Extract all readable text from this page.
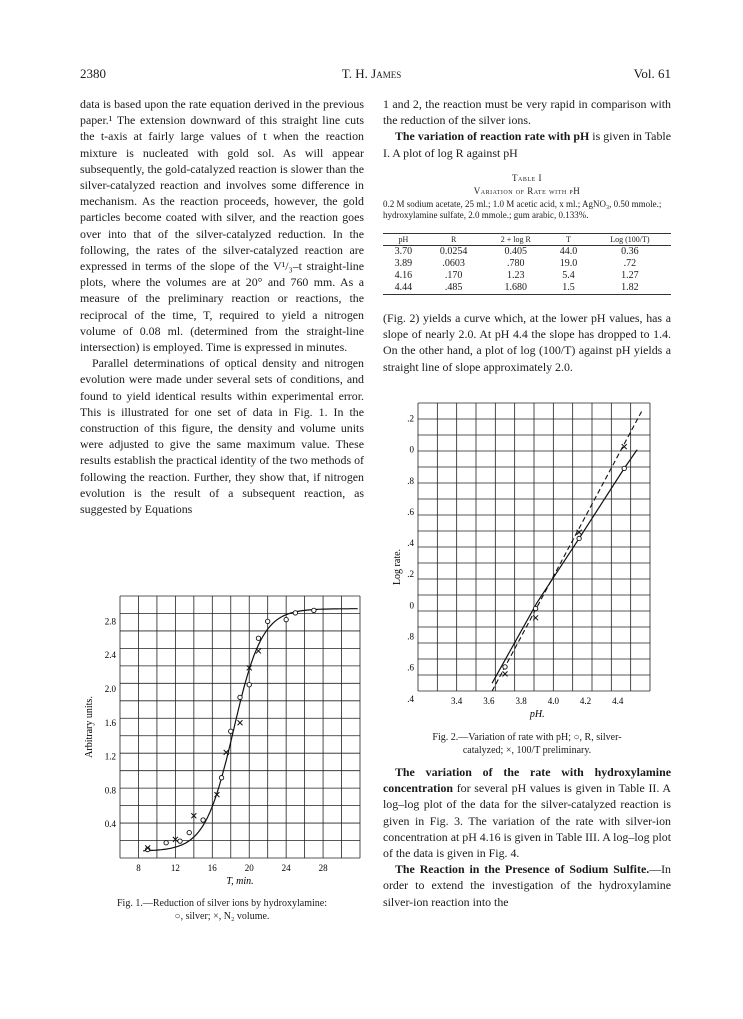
2380	T. H. James	Vol. 61

data is based upon the rate equation derived in the previous paper.¹ The extension downward of this straight line cuts the t-axis at fairly large values of t when the reaction mixture is nucleated with gold sol. As will appear subsequently, the gold-catalyzed reaction is slower than the silver-catalyzed reaction and involves some difference in mechanism. As the reaction proceeds, however, the gold particles become coated with silver, and the reaction goes over into that of the silver-catalyzed reduction. In the following, the rates of the silver-catalyzed reaction are expressed in terms of the slope of the V¹/₃–t straight-line plots, where the volumes are at 20° and 760 mm. As a measure of the preliminary reaction or reactions, the reciprocal of the time, T, required to yield a nitrogen volume of 0.08 ml. (determined from the straight-line intersection) is employed. Time is expressed in minutes.

Parallel determinations of optical density and nitrogen evolution were made under several sets of conditions, and found to yield identical results within experimental error. This is illustrated for one set of data in Fig. 1. In the construction of this figure, the density and volume units were adjusted to give the same maximum value. These results establish the practical identity of the two methods of following the reaction. Further, they show that, if nitrogen evolution is the result of a subsequent reaction, as suggested by Equations

1 and 2, the reaction must be very rapid in comparison with the reduction of the silver ions.

The variation of reaction rate with pH is given in Table I. A plot of log R against pH

Table I
Variation of Rate with pH
0.2 M sodium acetate, 25 ml.; 1.0 M acetic acid, x ml.; AgNO₃, 0.50 mmole.; hydroxylamine sulfate, 2.0 mmole.; gum arabic, 0.133%.
pH	R	2 + log R	T	Log (100/T)
3.70	0.0254	0.405	44.0	0.36
3.89	.0603	.780	19.0	.72
4.16	.170	1.23	5.4	1.27
4.44	.485	1.680	1.5	1.82

(Fig. 2) yields a curve which, at the lower pH values, has a slope of nearly 2.0. At pH 4.4 the slope has dropped to 1.4. On the other hand, a plot of log (100/T) against pH yields a straight line of slope approximately 2.0.

.2
0
.8
.6
.4
.2
0
.8
.6
.4	3.4 3.6 3.8 4.0 4.2 4.4
pH.
Log rate.
Fig. 2.—Variation of rate with pH; ○, R, silver-
catalyzed; ×, 100/T preliminary.

The variation of the rate with hydroxylamine concentration for several pH values is given in Table II. A log–log plot of the data for the silver-catalyzed reaction is given in Fig. 3. The variation of the rate with silver-ion concentration at pH 4.16 is given in Table III. A log–log plot of the data is given in Fig. 4.

The Reaction in the Presence of Sodium Sulfite.—In order to extend the investigation of the hydroxylamine silver-ion reaction into the

2.8
2.4
2.0
1.6
1.2
0.8
0.4
8	12	16	20	24	28
T, min.
Arbitrary units.
Fig. 1.—Reduction of silver ions by hydroxylamine:
○, silver; ×, N₂ volume.
